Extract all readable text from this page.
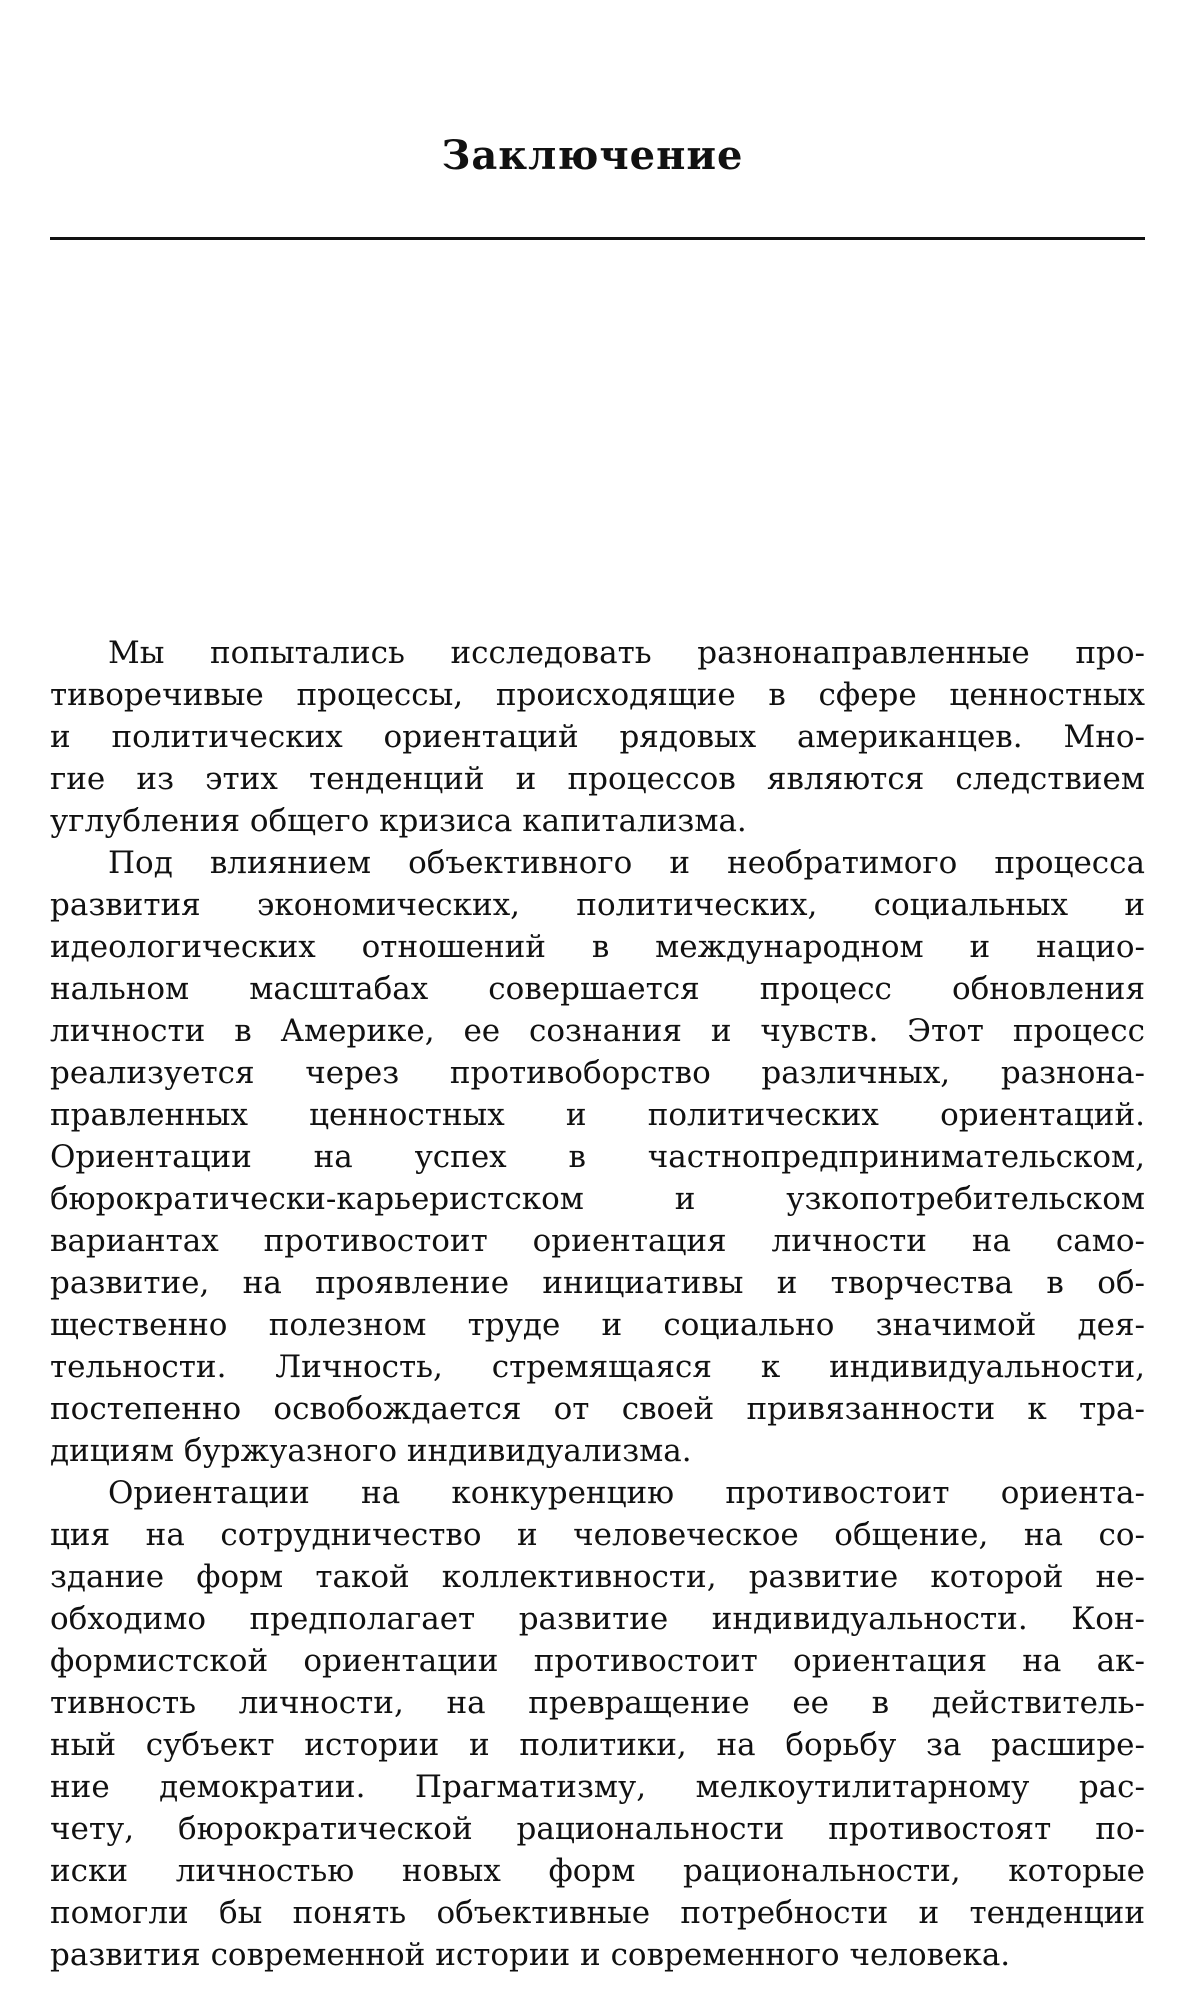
Заключение

Мы попытались исследовать разнонаправленные про-
тиворечивые процессы, происходящие в сфере ценностных
и политических ориентаций рядовых американцев. Мно-
гие из этих тенденций и процессов являются следствием
углубления общего кризиса капитализма.

Под влиянием объективного и необратимого процесса
развития экономических, политических, социальных и
идеологических отношений в международном и нацио-
нальном масштабах совершается процесс обновления
личности в Америке, ее сознания и чувств. Этот процесс
реализуется через противоборство различных, разнона-
правленных ценностных и политических ориентаций.
Ориентации на успех в частнопредпринимательском,
бюрократически-карьеристском и узкопотребительском
вариантах противостоит ориентация личности на само-
развитие, на проявление инициативы и творчества в об-
щественно полезном труде и социально значимой дея-
тельности. Личность, стремящаяся к индивидуальности,
постепенно освобождается от своей привязанности к тра-
дициям буржуазного индивидуализма.

Ориентации на конкуренцию противостоит ориента-
ция на сотрудничество и человеческое общение, на со-
здание форм такой коллективности, развитие которой не-
обходимо предполагает развитие индивидуальности. Кон-
формистской ориентации противостоит ориентация на ак-
тивность личности, на превращение ее в действитель-
ный субъект истории и политики, на борьбу за расшире-
ние демократии. Прагматизму, мелкоутилитарному рас-
чету, бюрократической рациональности противостоят по-
иски личностью новых форм рациональности, которые
помогли бы понять объективные потребности и тенденции
развития современной истории и современного человека.
